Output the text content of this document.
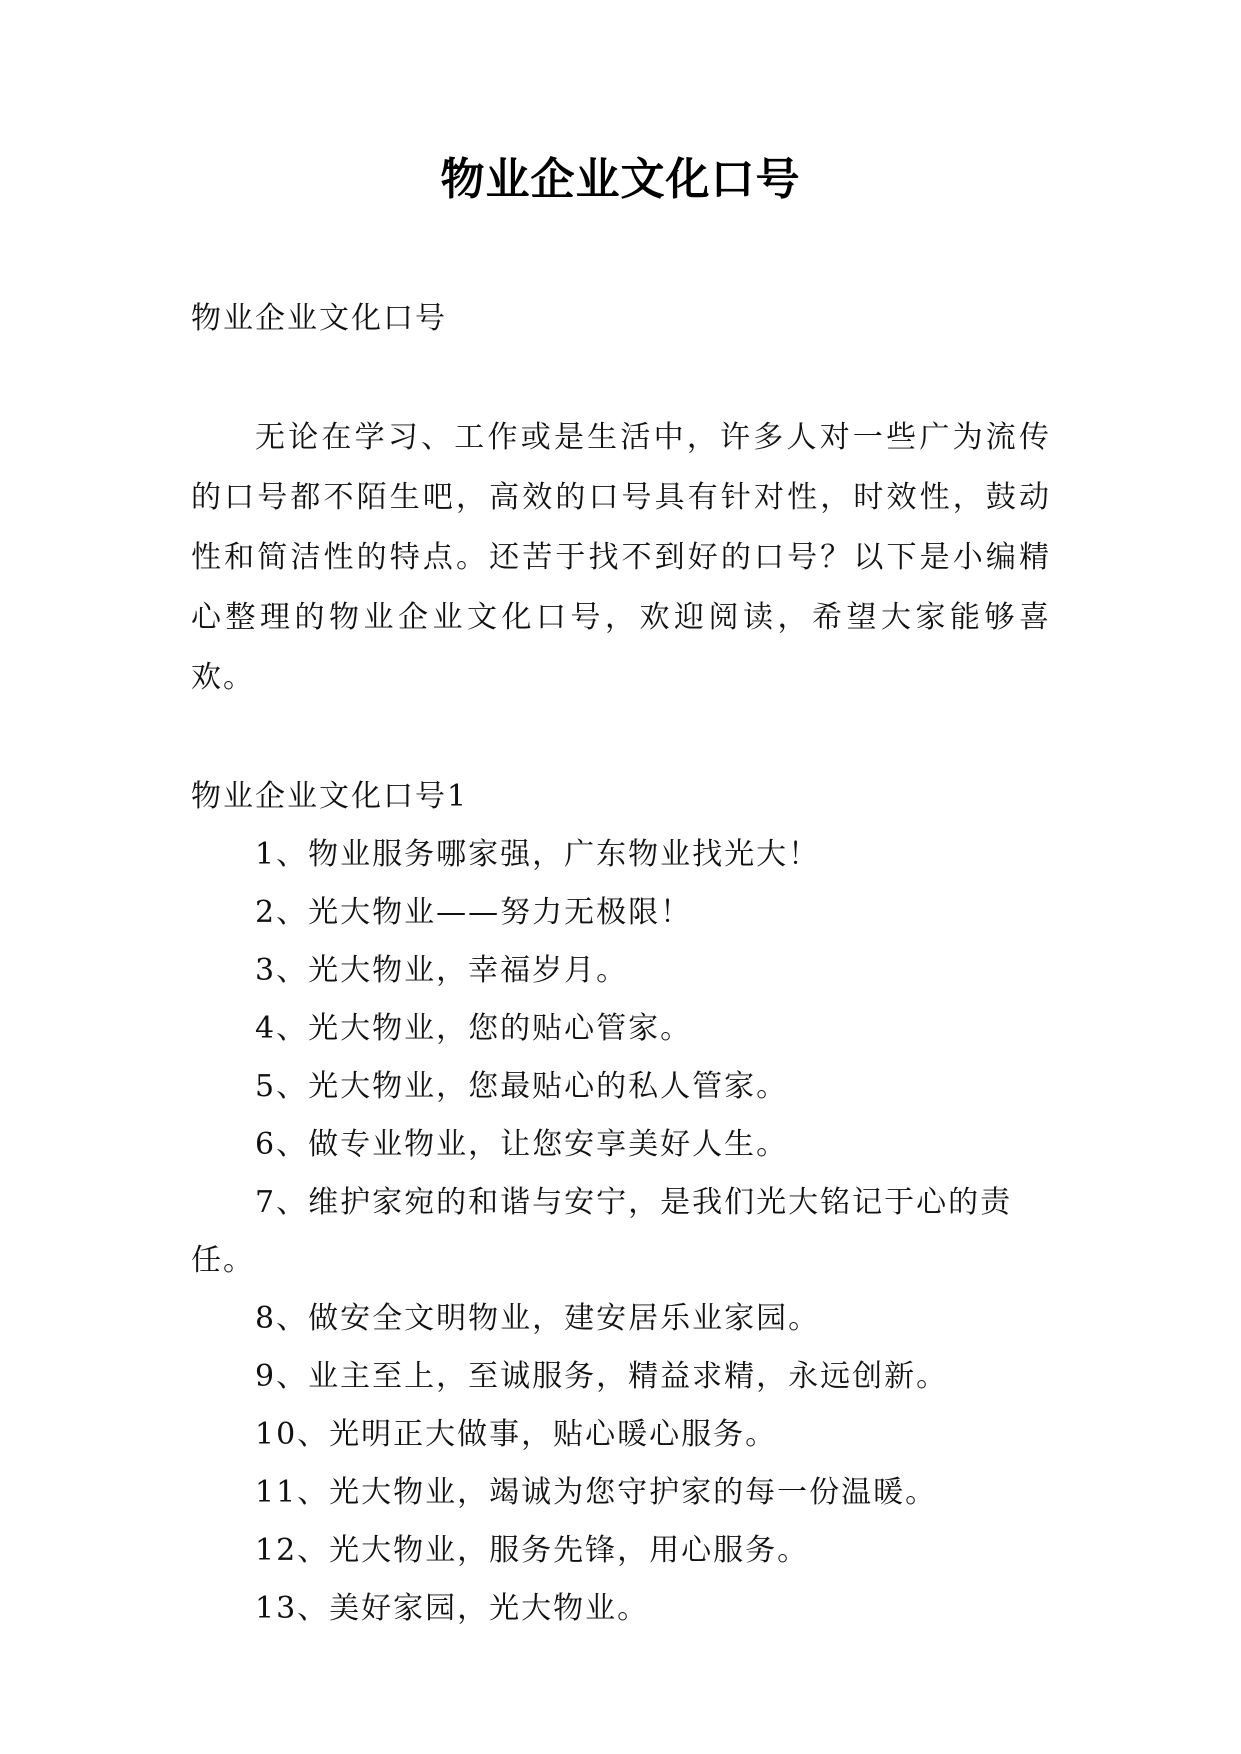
物业企业文化口号
物业企业文化口号
无论在学习、工作或是生活中，许多人对一些广为流传的口号都不陌生吧，高效的口号具有针对性，时效性，鼓动性和简洁性的特点。还苦于找不到好的口号？以下是小编精心整理的物业企业文化口号，欢迎阅读，希望大家能够喜欢。
物业企业文化口号1
1、物业服务哪家强，广东物业找光大！
2、光大物业——努力无极限！
3、光大物业，幸福岁月。
4、光大物业，您的贴心管家。
5、光大物业，您最贴心的私人管家。
6、做专业物业，让您安享美好人生。
7、维护家宛的和谐与安宁，是我们光大铭记于心的责任。
8、做安全文明物业，建安居乐业家园。
9、业主至上，至诚服务，精益求精，永远创新。
10、光明正大做事，贴心暖心服务。
11、光大物业，竭诚为您守护家的每一份温暖。
12、光大物业，服务先锋，用心服务。
13、美好家园，光大物业。
